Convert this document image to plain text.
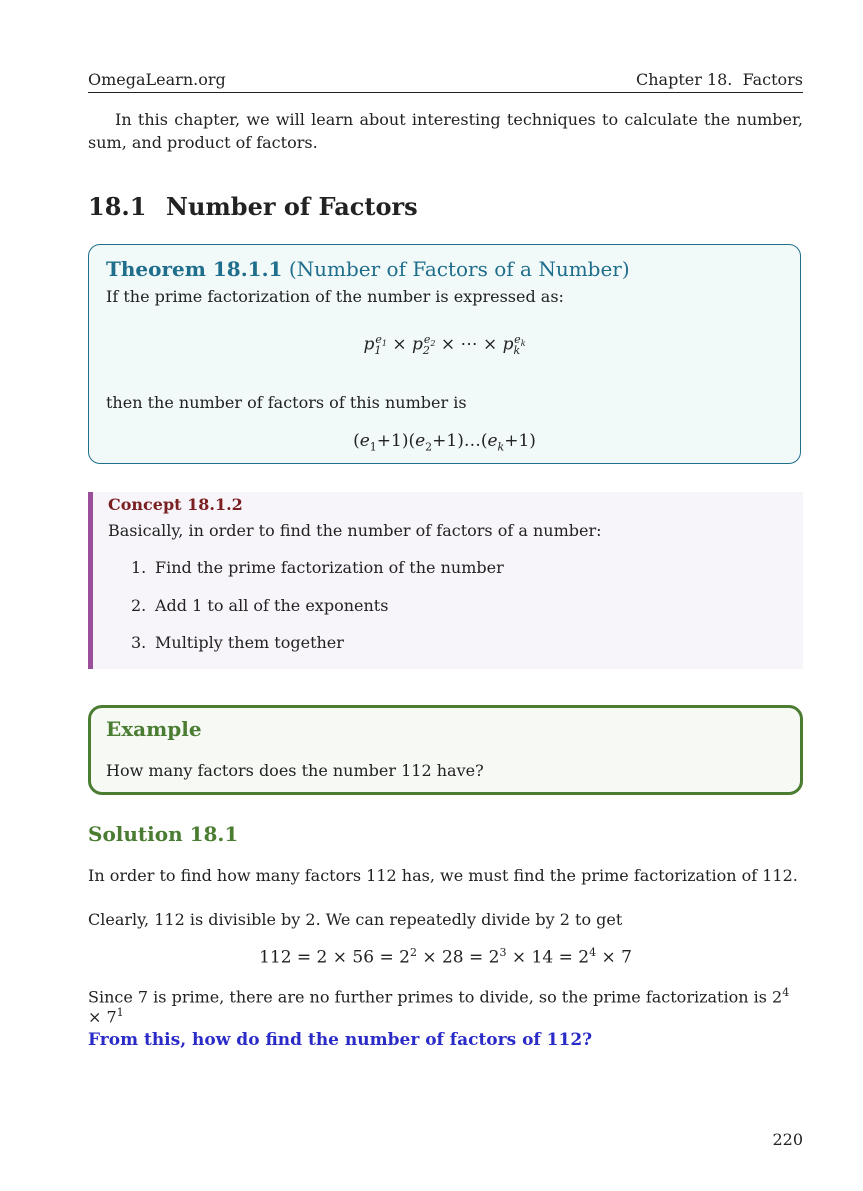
OmegaLearn.org	Chapter 18.  Factors
In this chapter, we will learn about interesting techniques to calculate the number, sum, and product of factors.
18.1 Number of Factors
Theorem 18.1.1 (Number of Factors of a Number)
If the prime factorization of the number is expressed as:
$p_1^{e_1} \times p_2^{e_2}$ × ⋯ × $p_k^{e_k}$
then the number of factors of this number is
$(e_1+1)(e_2+1)\dots(e_k+1)$
Concept 18.1.2
Basically, in order to find the number of factors of a number:
1. Find the prime factorization of the number
2. Add 1 to all of the exponents
3. Multiply them together
Example
How many factors does the number 112 have?
Solution 18.1
In order to find how many factors 112 has, we must find the prime factorization of 112.
Clearly, 112 is divisible by 2. We can repeatedly divide by 2 to get
$112 = 2 \times 56 = 2^2 \times 28 = 2^3 \times 14 = 2^4 \times 7$
Since 7 is prime, there are no further primes to divide, so the prime factorization is $2^4 \times 7^1$
From this, how do find the number of factors of 112?
220
